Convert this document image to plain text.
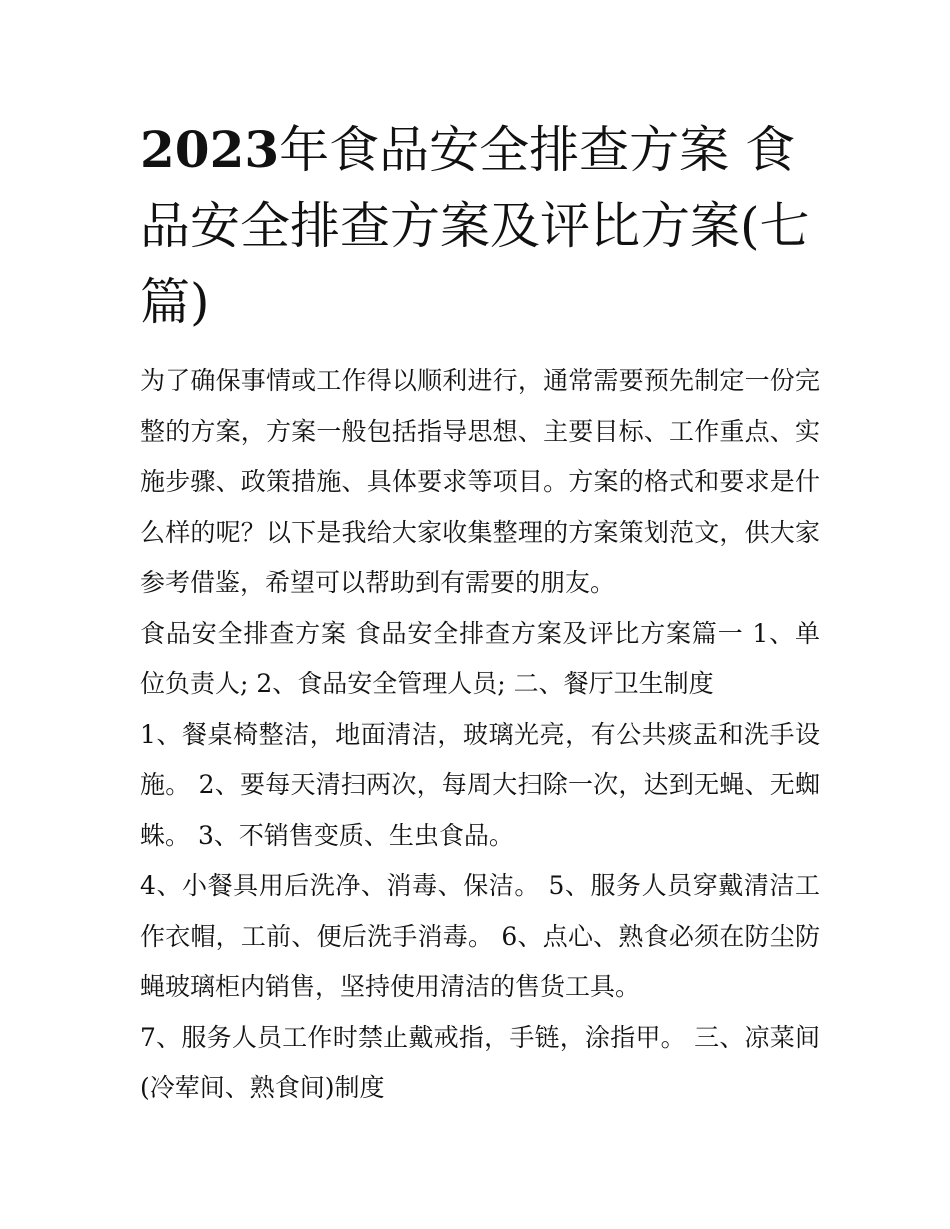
2023年食品安全排查方案 食品安全排查方案及评比方案(七篇)

为了确保事情或工作得以顺利进行，通常需要预先制定一份完整的方案，方案一般包括指导思想、主要目标、工作重点、实施步骤、政策措施、具体要求等项目。方案的格式和要求是什么样的呢？以下是我给大家收集整理的方案策划范文，供大家参考借鉴，希望可以帮助到有需要的朋友。

食品安全排查方案 食品安全排查方案及评比方案篇一 1、单位负责人; 2、食品安全管理人员; 二、餐厅卫生制度

1、餐桌椅整洁，地面清洁，玻璃光亮，有公共痰盂和洗手设施。 2、要每天清扫两次，每周大扫除一次，达到无蝇、无蜘蛛。 3、不销售变质、生虫食品。

4、小餐具用后洗净、消毒、保洁。 5、服务人员穿戴清洁工作衣帽，工前、便后洗手消毒。 6、点心、熟食必须在防尘防蝇玻璃柜内销售，坚持使用清洁的售货工具。

7、服务人员工作时禁止戴戒指，手链，涂指甲。 三、凉菜间(冷荤间、熟食间)制度
